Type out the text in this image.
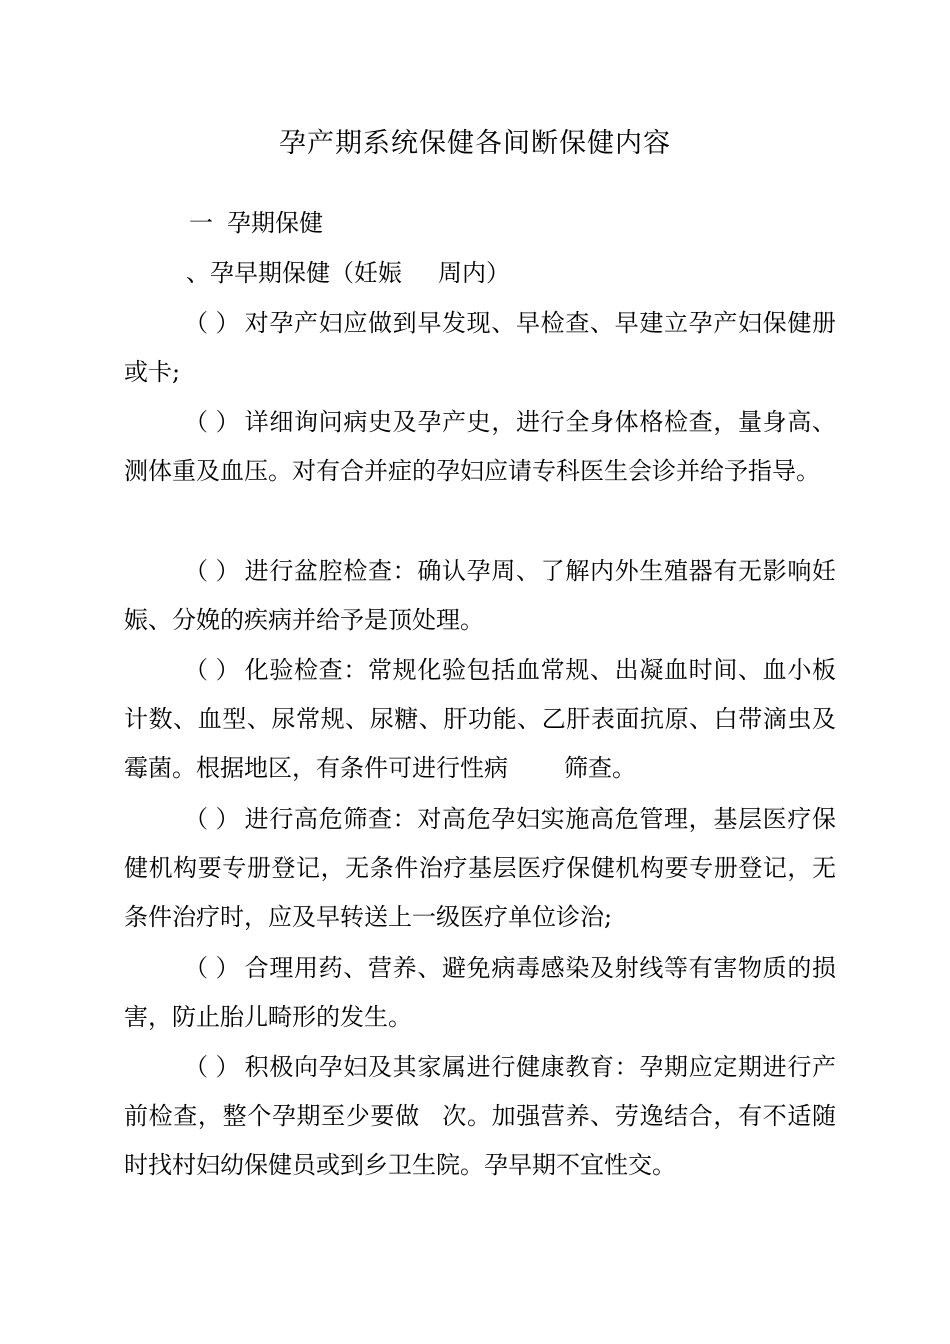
孕产期系统保健各间断保健内容
一 孕期保健
、孕早期保健（妊娠 周内）

（ ） 对孕产妇应做到早发现、早检查、早建立孕产妇保健册或卡;

（ ） 详细询问病史及孕产史，进行全身体格检查，量身高、测体重及血压。对有合并症的孕妇应请专科医生会诊并给予指导。

（ ） 进行盆腔检查：确认孕周、了解内外生殖器有无影响妊娠、分娩的疾病并给予是顶处理。

（ ） 化验检查：常规化验包括血常规、出凝血时间、血小板计数、血型、尿常规、尿糖、肝功能、乙肝表面抗原、白带滴虫及霉菌。根据地区，有条件可进行性病 筛查。

（ ） 进行高危筛查：对高危孕妇实施高危管理，基层医疗保健机构要专册登记，无条件治疗基层医疗保健机构要专册登记，无条件治疗时，应及早转送上一级医疗单位诊治;

（ ） 合理用药、营养、避免病毒感染及射线等有害物质的损害，防止胎儿畸形的发生。

（ ） 积极向孕妇及其家属进行健康教育：孕期应定期进行产前检查，整个孕期至少要做 次。加强营养、劳逸结合，有不适随时找村妇幼保健员或到乡卫生院。孕早期不宜性交。
